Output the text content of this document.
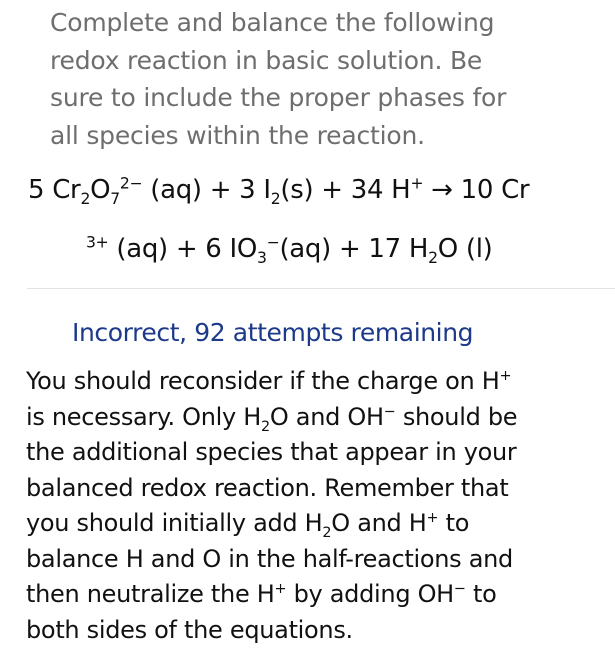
Complete and balance the following
redox reaction in basic solution. Be
sure to include the proper phases for
all species within the reaction.
5 $Cr_2O_7^{2-}$ (aq) + 3 $I_2(s) + 34$ H+ → 10 Cr
$^{3+}$ (aq) + 6 $IO_3^-(aq) + 17$ $H_2O$ (l)
Incorrect, 92 attempts remaining
You should reconsider if the charge on H+
is necessary. Only $H_2O$ and OH− should be
the additional species that appear in your
balanced redox reaction. Remember that
you should initially add $H_2O$ and H+ to
balance H and O in the half-reactions and
then neutralize the H+ by adding OH− to
both sides of the equations.
